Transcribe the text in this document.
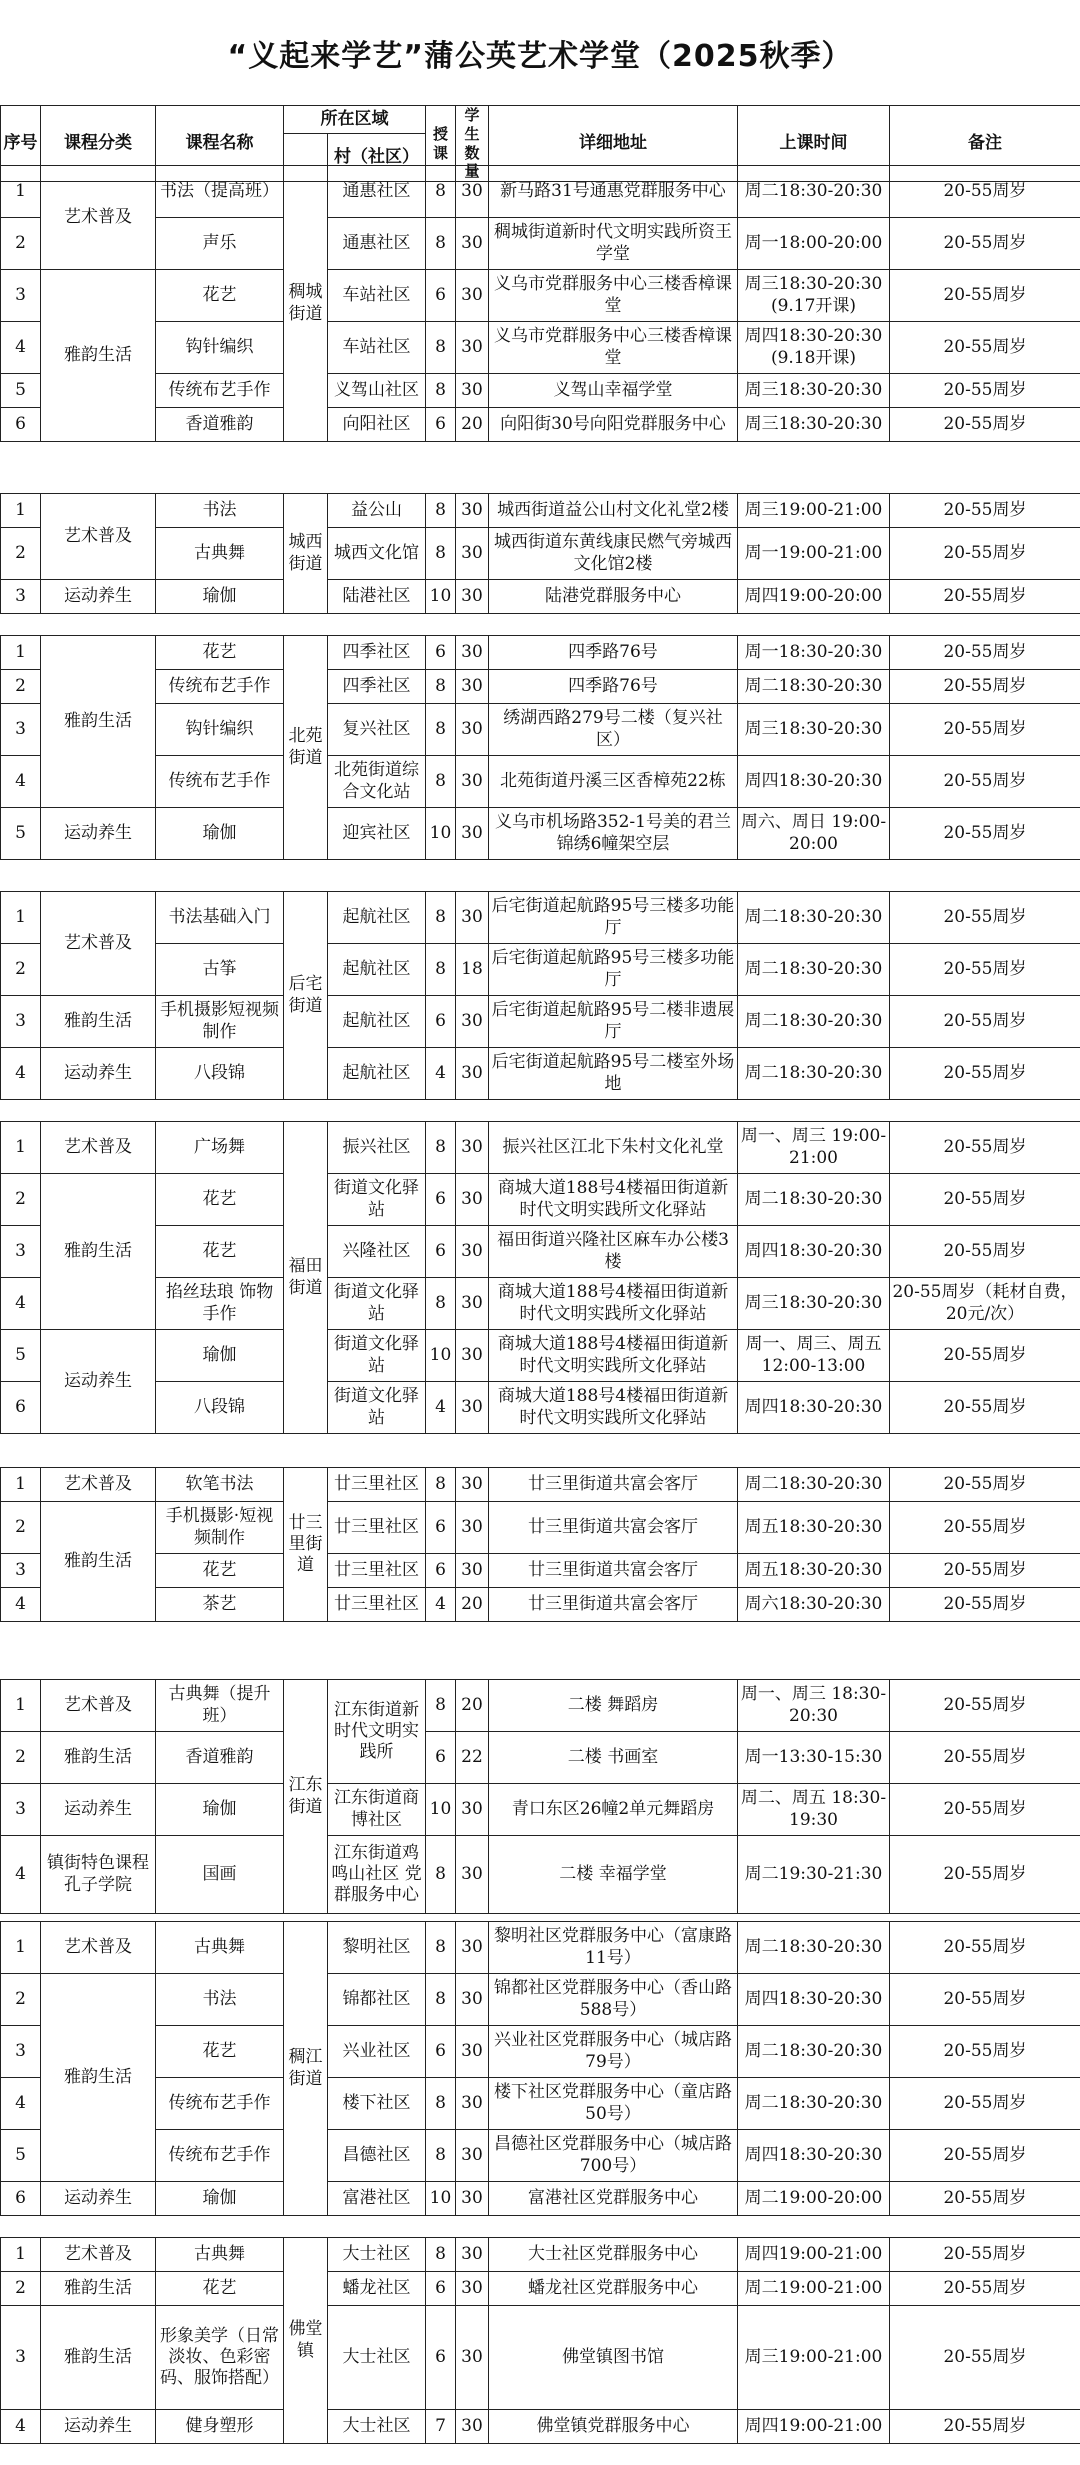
“义起来学艺”蒲公英艺术学堂（2025秋季）
序号	课程分类	课程名称	所在区域		授课	学生数量	详细地址	上课时间	备注
				村（社区）					
1	艺术普及	书法（提高班）	稠城街道	通惠社区	8	30	新马路31号通惠党群服务中心	周二18:30-20:30	20-55周岁
2		声乐		通惠社区	8	30	稠城街道新时代文明实践所资王学堂	周一18:00-20:00	20-55周岁
3	雅韵生活	花艺		车站社区	6	30	义乌市党群服务中心三楼香樟课堂	周三18:30-20:30 (9.17开课)	20-55周岁
4		钩针编织		车站社区	8	30	义乌市党群服务中心三楼香樟课堂	周四18:30-20:30 (9.18开课)	20-55周岁
5		传统布艺手作		义驾山社区	8	30	义驾山幸福学堂	周三18:30-20:30	20-55周岁
6		香道雅韵		向阳社区	6	20	向阳街30号向阳党群服务中心	周三18:30-20:30	20-55周岁
1	艺术普及	书法	城西街道	益公山	8	30	城西街道益公山村文化礼堂2楼	周三19:00-21:00	20-55周岁
2		古典舞		城西文化馆	8	30	城西街道东黄线康民燃气旁城西文化馆2楼	周一19:00-21:00	20-55周岁
3	运动养生	瑜伽		陆港社区	10	30	陆港党群服务中心	周四19:00-20:00	20-55周岁
1	雅韵生活	花艺	北苑街道	四季社区	6	30	四季路76号	周一18:30-20:30	20-55周岁
2		传统布艺手作		四季社区	8	30	四季路76号	周二18:30-20:30	20-55周岁
3		钩针编织		复兴社区	8	30	绣湖西路279号二楼（复兴社区）	周三18:30-20:30	20-55周岁
4		传统布艺手作		北苑街道综合文化站	8	30	北苑街道丹溪三区香樟苑22栋	周四18:30-20:30	20-55周岁
5	运动养生	瑜伽		迎宾社区	10	30	义乌市机场路352-1号美的君兰锦绣6幢架空层	周六、周日 19:00-20:00	20-55周岁
1	艺术普及	书法基础入门	后宅街道	起航社区	8	30	后宅街道起航路95号三楼多功能厅	周二18:30-20:30	20-55周岁
2		古筝		起航社区	8	18	后宅街道起航路95号三楼多功能厅	周二18:30-20:30	20-55周岁
3	雅韵生活	手机摄影短视频制作		起航社区	6	30	后宅街道起航路95号二楼非遗展厅	周二18:30-20:30	20-55周岁
4	运动养生	八段锦		起航社区	4	30	后宅街道起航路95号二楼室外场地	周二18:30-20:30	20-55周岁
1	艺术普及	广场舞	福田街道	振兴社区	8	30	振兴社区江北下朱村文化礼堂	周一、周三 19:00-21:00	20-55周岁
2	雅韵生活	花艺		街道文化驿站	6	30	商城大道188号4楼福田街道新时代文明实践所文化驿站	周二18:30-20:30	20-55周岁
3		花艺		兴隆社区	6	30	福田街道兴隆社区麻车办公楼3楼	周四18:30-20:30	20-55周岁
4		掐丝珐琅 饰物手作		街道文化驿站	8	30	商城大道188号4楼福田街道新时代文明实践所文化驿站	周三18:30-20:30	20-55周岁（耗材自费，20元/次）
5	运动养生	瑜伽		街道文化驿站	10	30	商城大道188号4楼福田街道新时代文明实践所文化驿站	周一、周三、周五 12:00-13:00	20-55周岁
6		八段锦		街道文化驿站	4	30	商城大道188号4楼福田街道新时代文明实践所文化驿站	周四18:30-20:30	20-55周岁
1	艺术普及	软笔书法	廿三里街道	廿三里社区	8	30	廿三里街道共富会客厅	周二18:30-20:30	20-55周岁
2	雅韵生活	手机摄影·短视频制作		廿三里社区	6	30	廿三里街道共富会客厅	周五18:30-20:30	20-55周岁
3		花艺		廿三里社区	6	30	廿三里街道共富会客厅	周五18:30-20:30	20-55周岁
4		茶艺		廿三里社区	4	20	廿三里街道共富会客厅	周六18:30-20:30	20-55周岁
1	艺术普及	古典舞（提升班）	江东街道	江东街道新时代文明实践所	8	20	二楼 舞蹈房	周一、周三 18:30-20:30	20-55周岁
2	雅韵生活	香道雅韵			6	22	二楼 书画室	周一13:30-15:30	20-55周岁
3	运动养生	瑜伽		江东街道商博社区	10	30	青口东区26幢2单元舞蹈房	周二、周五 18:30-19:30	20-55周岁
4	镇街特色课程 孔子学院	国画		江东街道鸡鸣山社区 党群服务中心	8	30	二楼 幸福学堂	周二19:30-21:30	20-55周岁
1	艺术普及	古典舞	稠江街道	黎明社区	8	30	黎明社区党群服务中心（富康路11号）	周二18:30-20:30	20-55周岁
2	雅韵生活	书法		锦都社区	8	30	锦都社区党群服务中心（香山路588号）	周四18:30-20:30	20-55周岁
3		花艺		兴业社区	6	30	兴业社区党群服务中心（城店路79号）	周二18:30-20:30	20-55周岁
4		传统布艺手作		楼下社区	8	30	楼下社区党群服务中心（童店路50号）	周二18:30-20:30	20-55周岁
5		传统布艺手作		昌德社区	8	30	昌德社区党群服务中心（城店路700号）	周四18:30-20:30	20-55周岁
6	运动养生	瑜伽		富港社区	10	30	富港社区党群服务中心	周二19:00-20:00	20-55周岁
1	艺术普及	古典舞	佛堂镇	大士社区	8	30	大士社区党群服务中心	周四19:00-21:00	20-55周岁
2	雅韵生活	花艺		蟠龙社区	6	30	蟠龙社区党群服务中心	周二19:00-21:00	20-55周岁
3	雅韵生活	形象美学（日常淡妆、色彩密码、服饰搭配）		大士社区	6	30	佛堂镇图书馆	周三19:00-21:00	20-55周岁
4	运动养生	健身塑形		大士社区	7	30	佛堂镇党群服务中心	周四19:00-21:00	20-55周岁
